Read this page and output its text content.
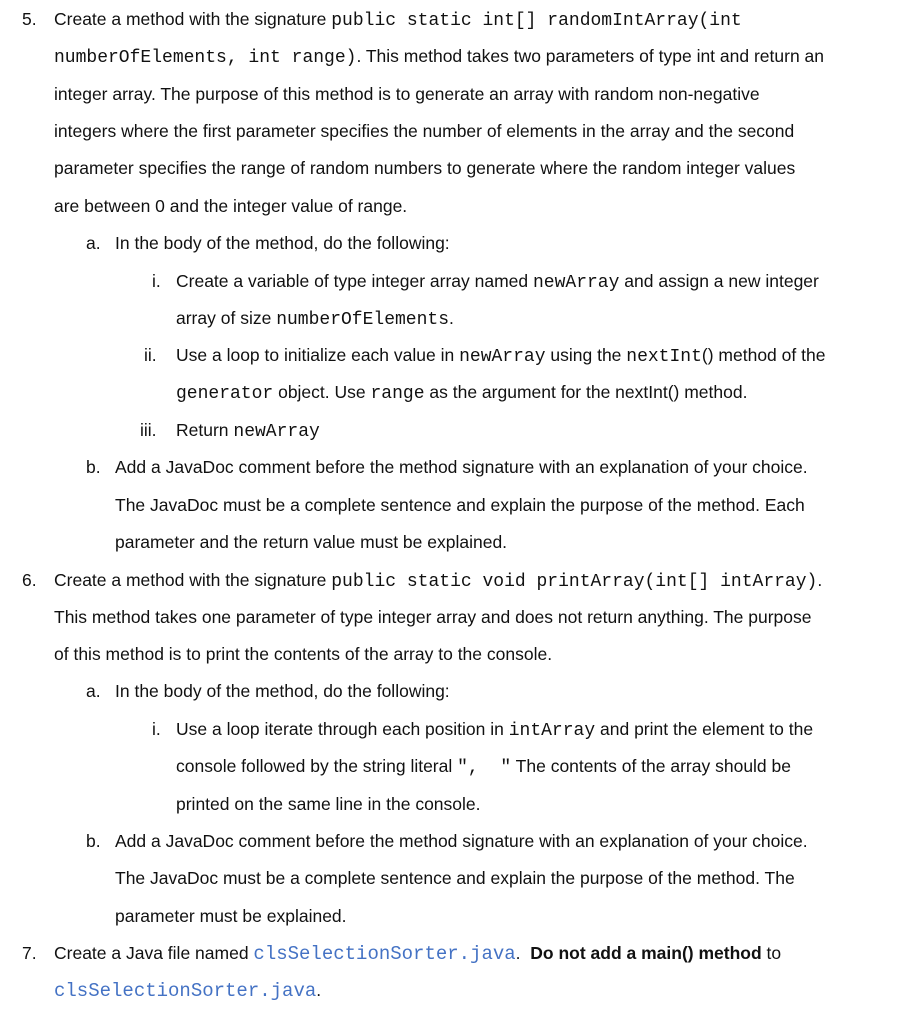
5. Create a method with the signature public static int[] randomIntArray(int
numberOfElements, int range). This method takes two parameters of type int and return an
integer array. The purpose of this method is to generate an array with random non-negative
integers where the first parameter specifies the number of elements in the array and the second
parameter specifies the range of random numbers to generate where the random integer values
are between 0 and the integer value of range.
a. In the body of the method, do the following:
i. Create a variable of type integer array named newArray and assign a new integer
array of size numberOfElements.
ii. Use a loop to initialize each value in newArray using the nextInt() method of the
generator object. Use range as the argument for the nextInt() method.
iii. Return newArray
b. Add a JavaDoc comment before the method signature with an explanation of your choice.
The JavaDoc must be a complete sentence and explain the purpose of the method. Each
parameter and the return value must be explained.
6. Create a method with the signature public static void printArray(int[] intArray).
This method takes one parameter of type integer array and does not return anything. The purpose
of this method is to print the contents of the array to the console.
a. In the body of the method, do the following:
i. Use a loop iterate through each position in intArray and print the element to the
console followed by the string literal ",  " The contents of the array should be
printed on the same line in the console.
b. Add a JavaDoc comment before the method signature with an explanation of your choice.
The JavaDoc must be a complete sentence and explain the purpose of the method. The
parameter must be explained.
7. Create a Java file named clsSelectionSorter.java. Do not add a main() method to
clsSelectionSorter.java.
